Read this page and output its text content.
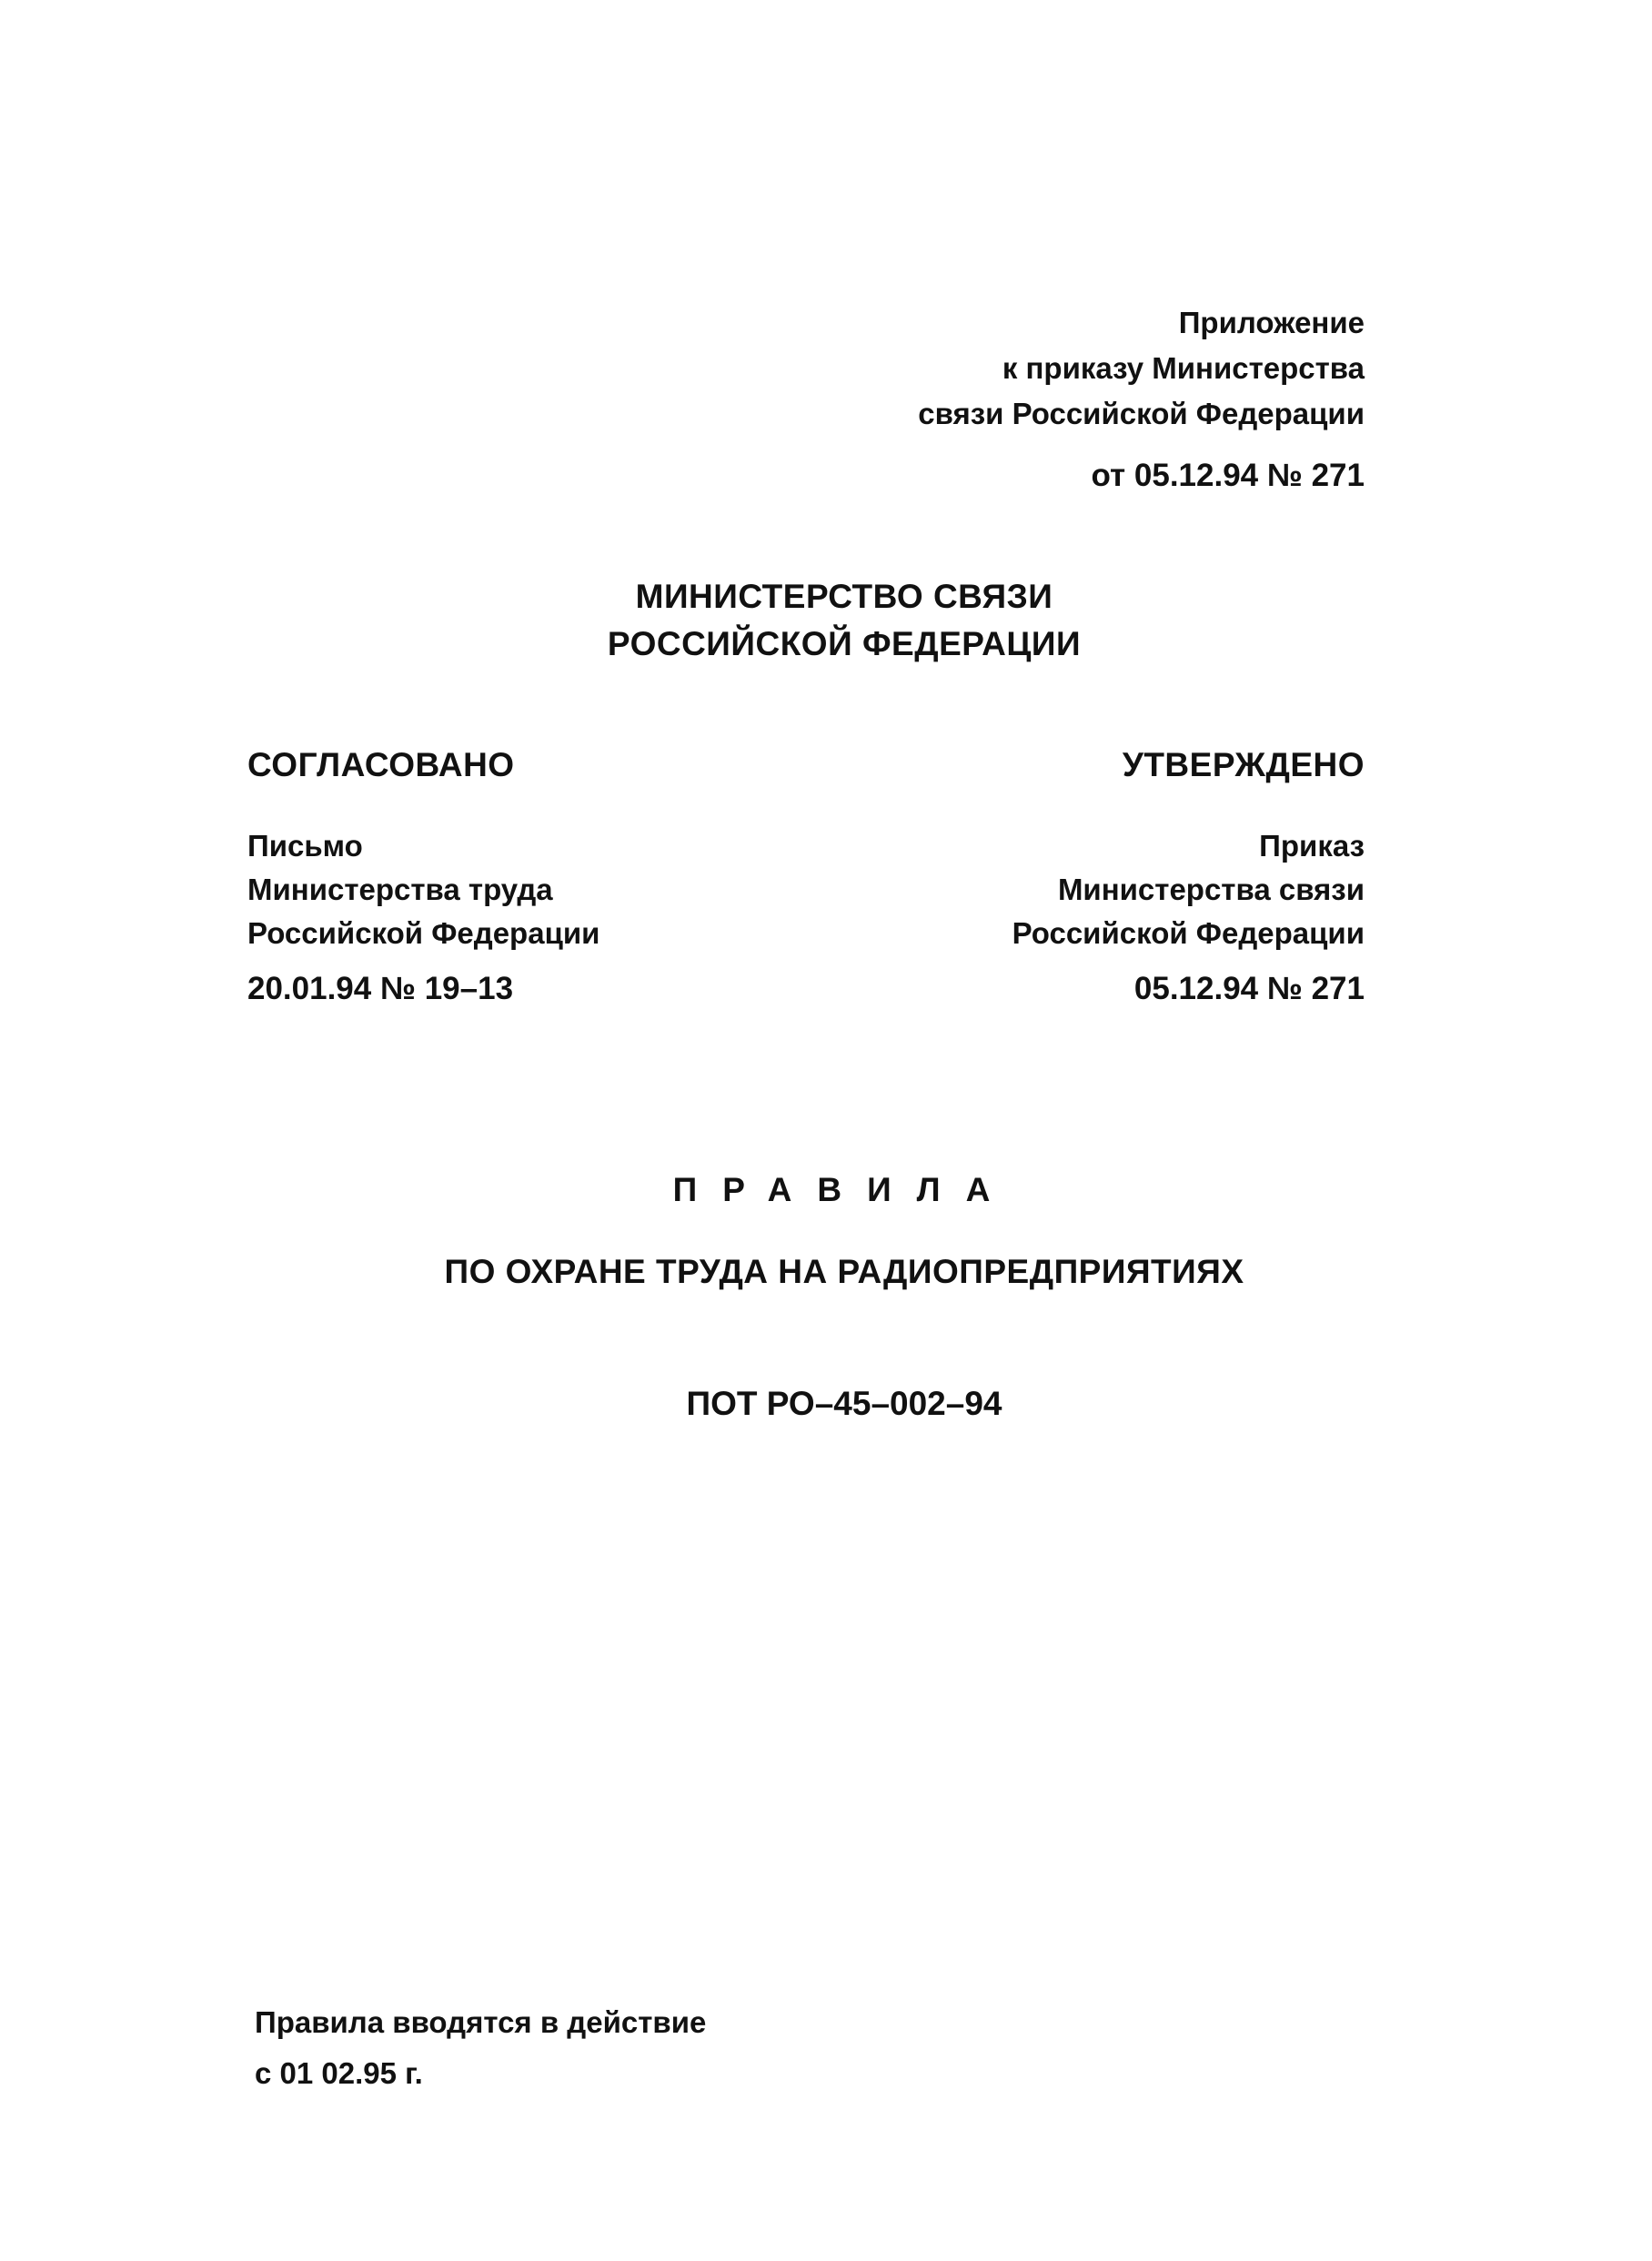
Приложение
к приказу Министерства
связи Российской Федерации
от 05.12.94 № 271
МИНИСТЕРСТВО СВЯЗИ
РОССИЙСКОЙ ФЕДЕРАЦИИ
СОГЛАСОВАНО
Письмо
Министерства труда
Российской Федерации
20.01.94 № 19–13
УТВЕРЖДЕНО
Приказ
Министерства связи
Российской Федерации
05.12.94 № 271
ПРАВИЛА
ПО ОХРАНЕ ТРУДА НА РАДИОПРЕДПРИЯТИЯХ
ПОТ РО–45–002–94
Правила вводятся в действие
с 01 02.95 г.
